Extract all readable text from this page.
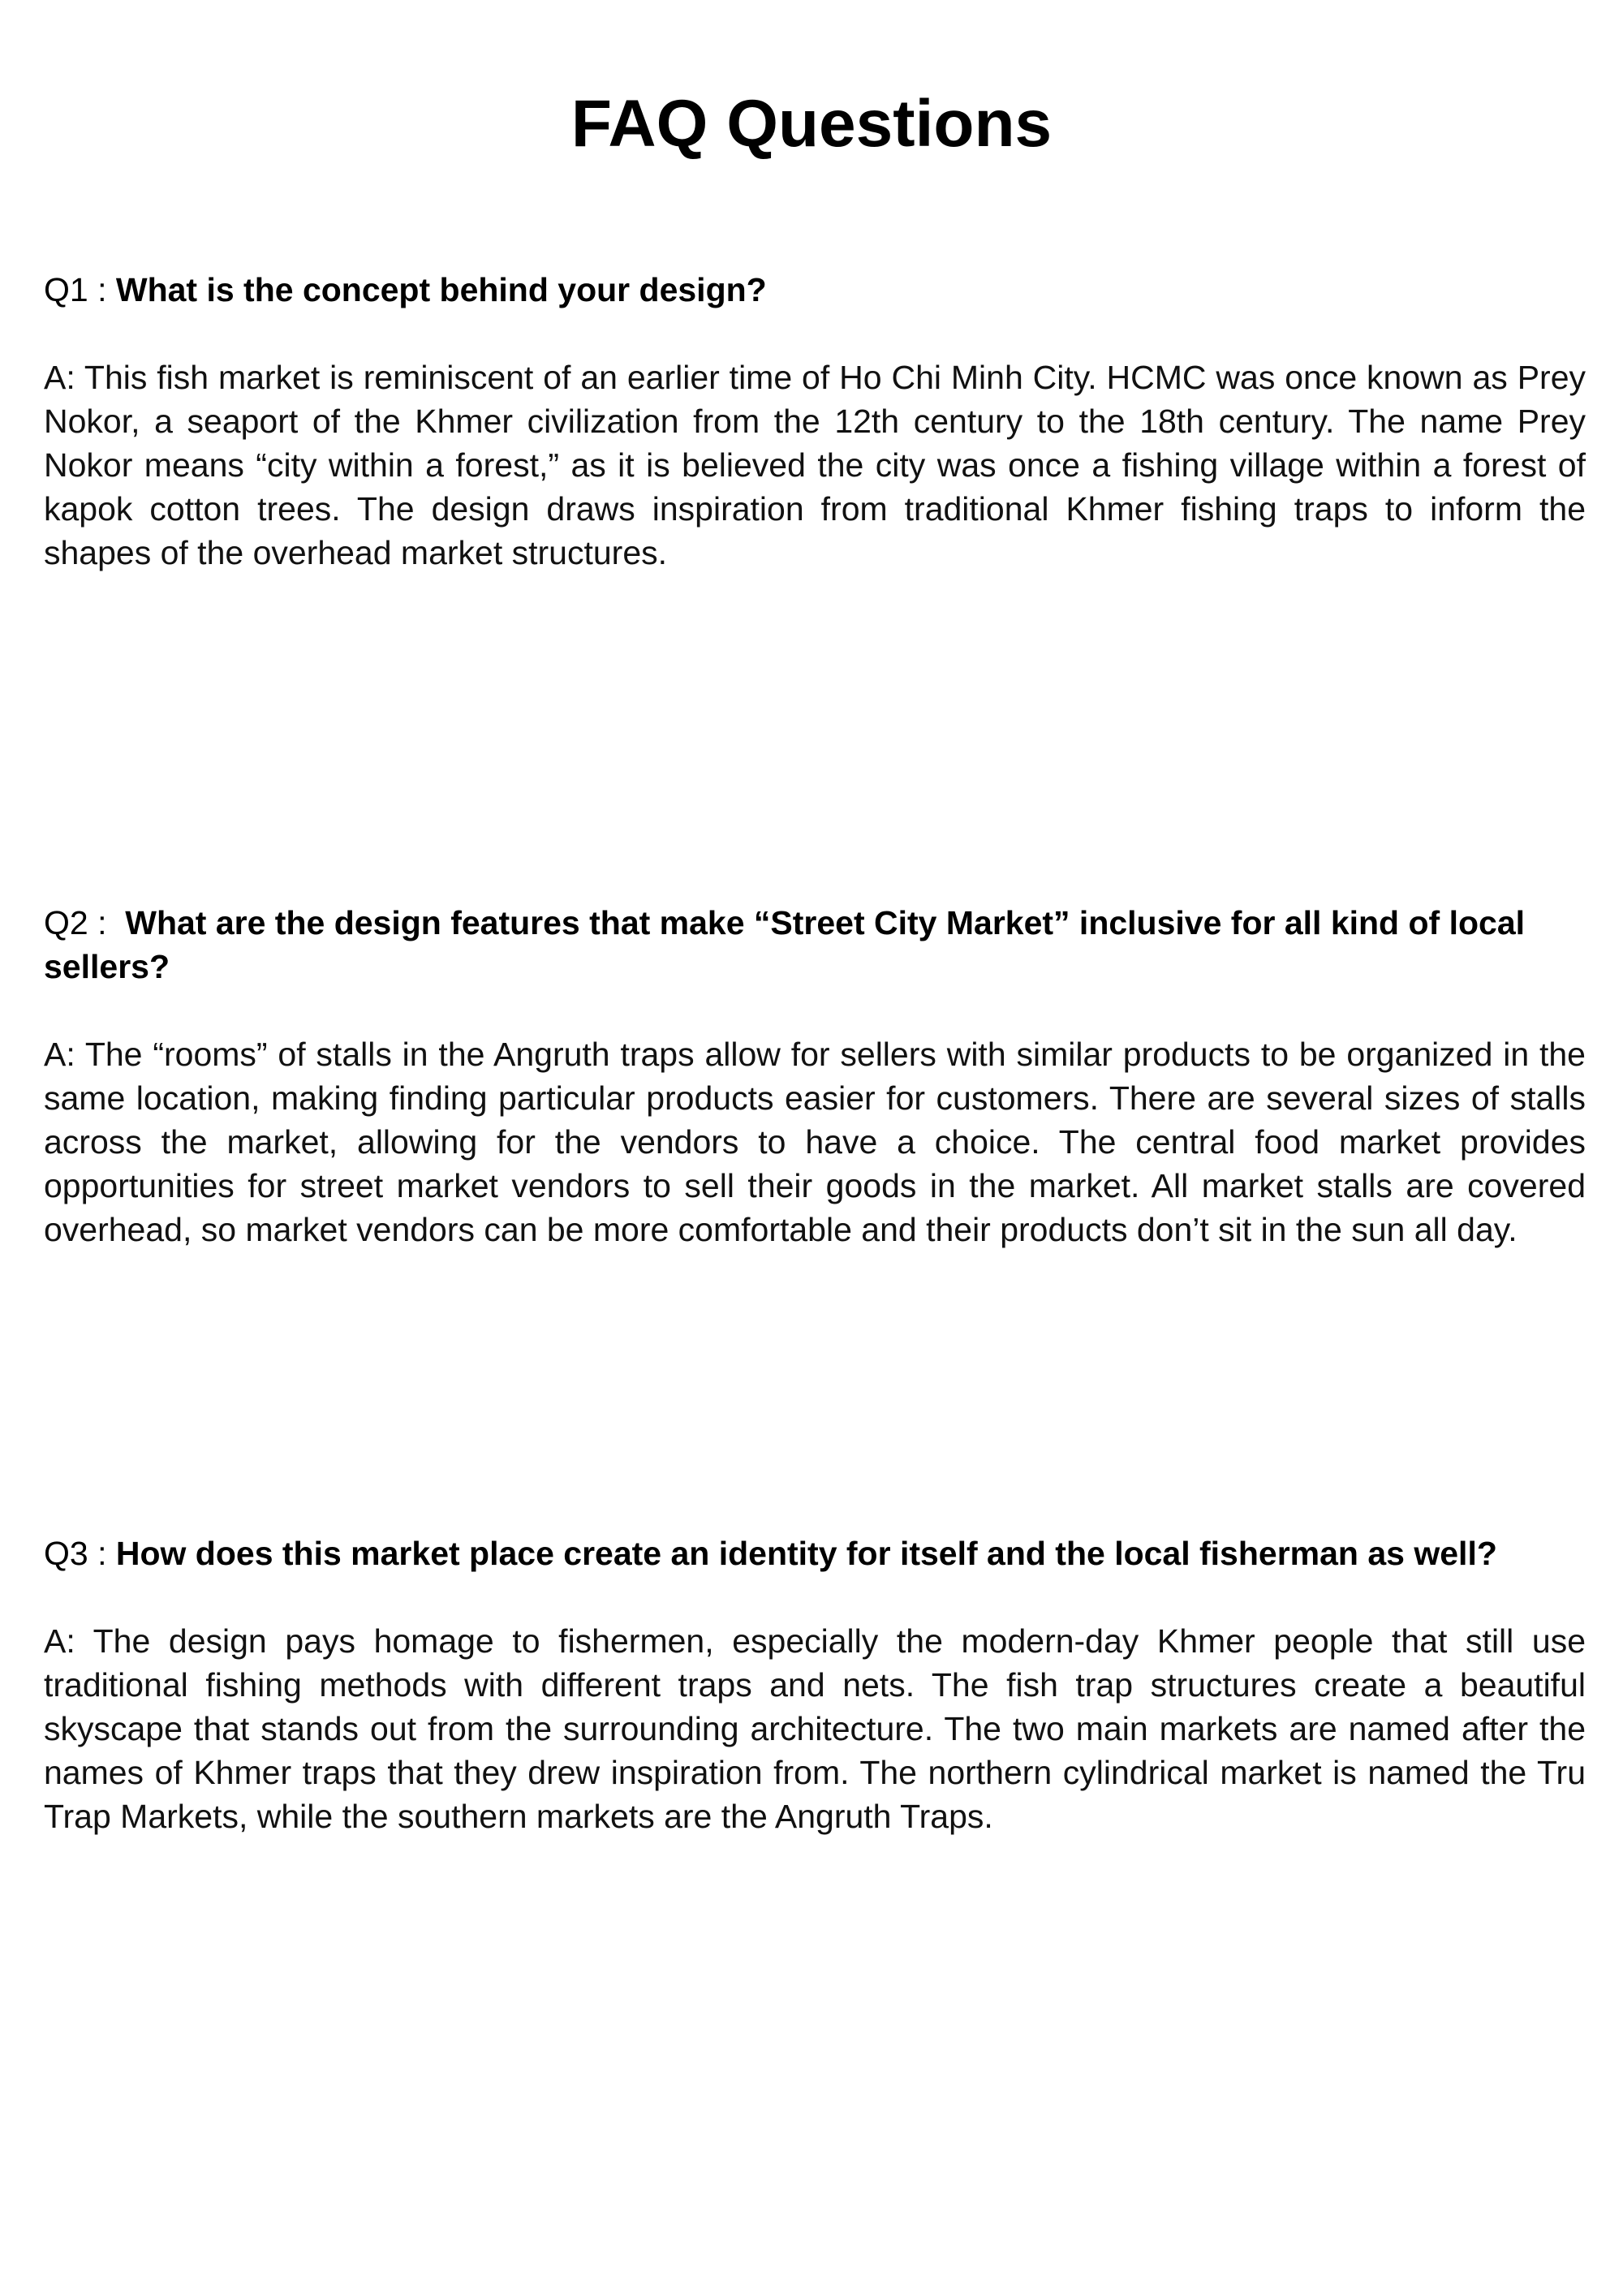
FAQ Questions

Q1 : What is the concept behind your design?

A: This fish market is reminiscent of an earlier time of Ho Chi Minh City. HCMC was once known as Prey Nokor, a seaport of the Khmer civilization from the 12th century to the 18th century. The name Prey Nokor means “city within a forest,” as it is believed the city was once a fishing village within a forest of kapok cotton trees. The design draws inspiration from traditional Khmer fishing traps to inform the shapes of the overhead market structures.

Q2 :  What are the design features that make “Street City Market” inclusive for all kind of local sellers?

A: The “rooms” of stalls in the Angruth traps allow for sellers with similar products to be organized in the same location, making finding particular products easier for customers. There are several sizes of stalls across the market, allowing for the vendors to have a choice. The central food market provides opportunities for street market vendors to sell their goods in the market. All market stalls are covered overhead, so market vendors can be more comfortable and their products don’t sit in the sun all day.

Q3 : How does this market place create an identity for itself and the local fisherman as well?

A: The design pays homage to fishermen, especially the modern-day Khmer people that still use traditional fishing methods with different traps and nets. The fish trap structures create a beautiful skyscape that stands out from the surrounding architecture. The two main markets are named after the names of Khmer traps that they drew inspiration from. The northern cylindrical market is named the Tru Trap Markets, while the southern markets are the Angruth Traps.
